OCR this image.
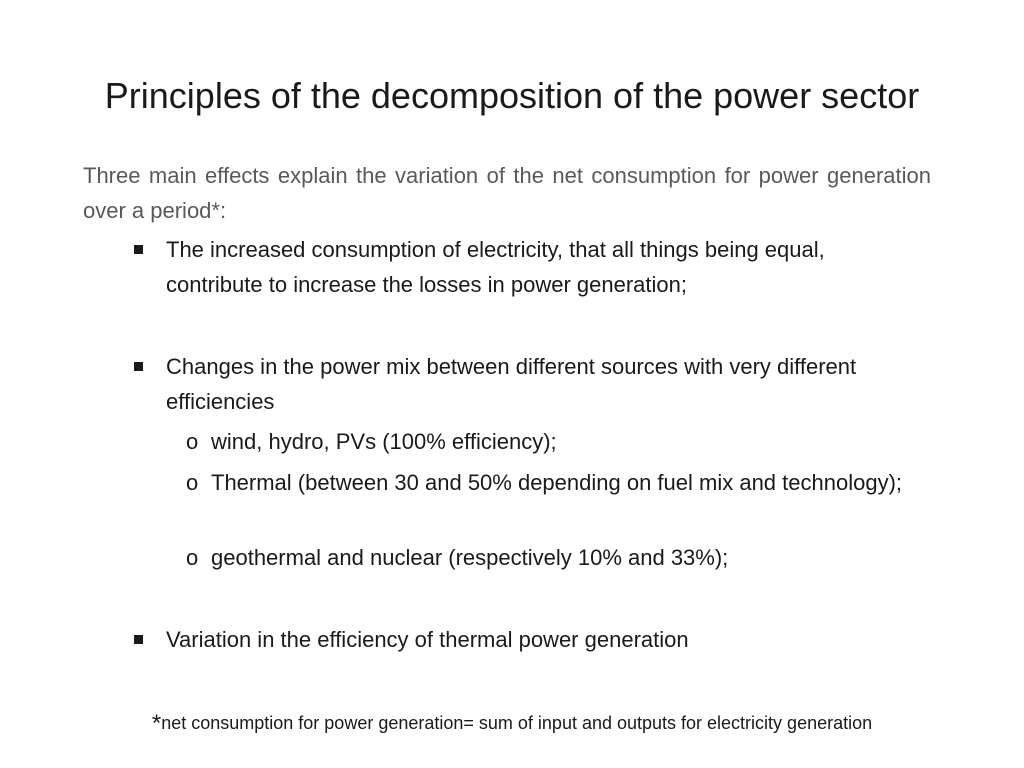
Principles of the decomposition of the power sector
Three main effects explain the variation of the net consumption for power generation over a period*:
The increased consumption of electricity, that all things being equal, contribute to increase the losses in power generation;
Changes in the power mix between different sources with very different efficiencies
o wind, hydro, PVs (100% efficiency);
o Thermal (between 30 and 50% depending on fuel mix and technology);
o geothermal and nuclear (respectively 10% and 33%);
Variation in the efficiency of thermal power generation
*net consumption for power generation= sum of input and outputs for electricity generation
